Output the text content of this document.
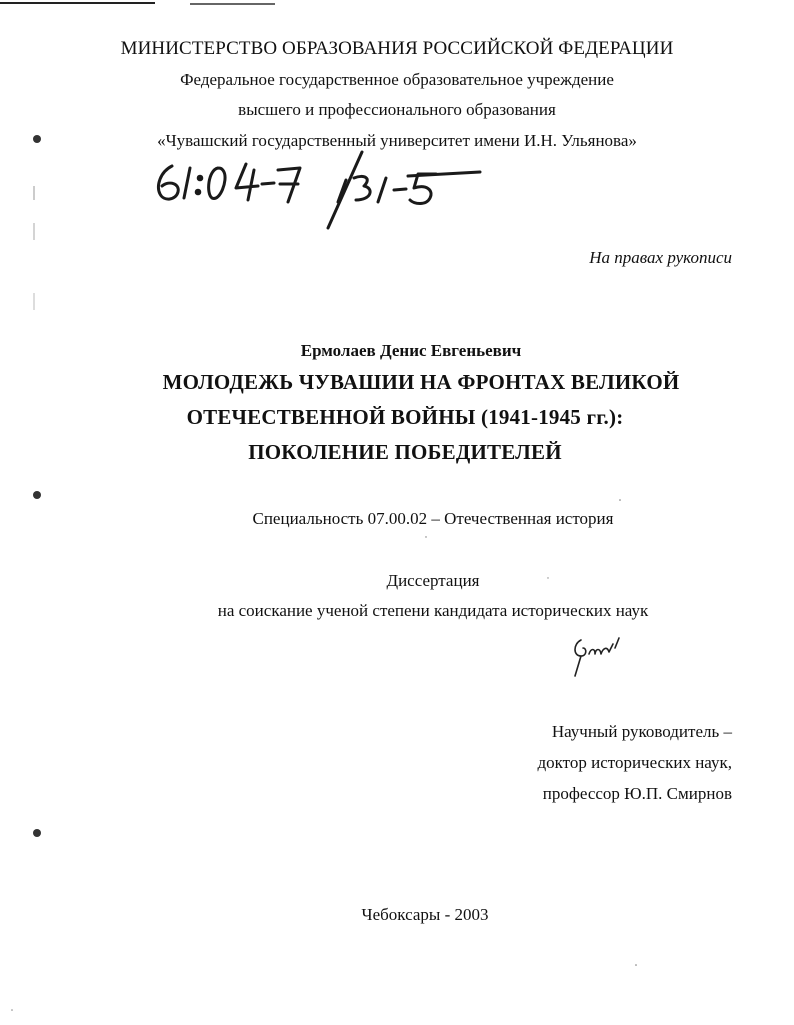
МИНИСТЕРСТВО ОБРАЗОВАНИЯ РОССИЙСКОЙ ФЕДЕРАЦИИ
Федеральное государственное образовательное учреждение
высшего и профессионального образования
«Чувашский государственный университет имени И.Н. Ульянова»
На правах рукописи
Ермолаев Денис Евгеньевич
МОЛОДЕЖЬ ЧУВАШИИ НА ФРОНТАХ ВЕЛИКОЙ
ОТЕЧЕСТВЕННОЙ ВОЙНЫ (1941-1945 гг.):
ПОКОЛЕНИЕ ПОБЕДИТЕЛЕЙ
Специальность 07.00.02 – Отечественная история
Диссертация
на соискание ученой степени кандидата исторических наук
Научный руководитель –
доктор исторических наук,
профессор Ю.П. Смирнов
Чебоксары - 2003
